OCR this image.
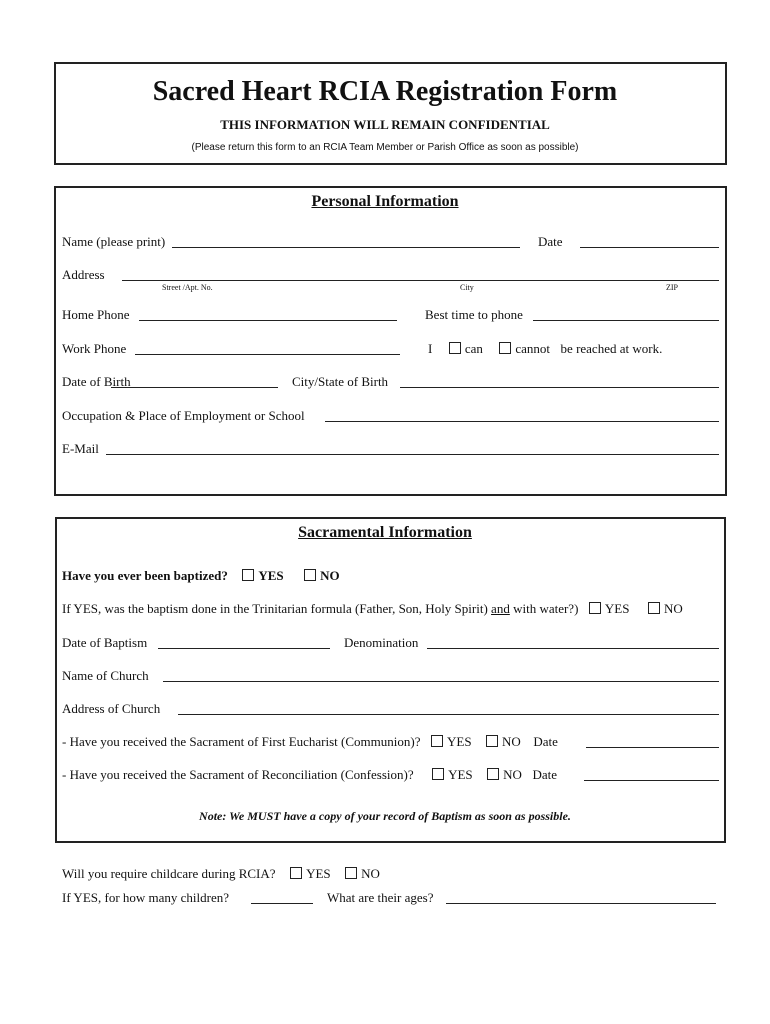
Sacred Heart RCIA Registration Form
THIS INFORMATION WILL REMAIN CONFIDENTIAL
(Please return this form to an RCIA Team Member or Parish Office as soon as possible)
Personal Information
Name (please print)	Date
Address
Street /Apt. No.	City	ZIP
Home Phone	Best time to phone
Work Phone	I	can	cannot be reached at work.
Date of Birth	City/State of Birth
Occupation & Place of Employment or School
E-Mail
Sacramental Information
Have you ever been baptized? YES	NO
If YES, was the baptism done in the Trinitarian formula (Father, Son, Holy Spirit) and with water?) YES	NO
Date of Baptism	Denomination
Name of Church
Address of Church
- Have you received the Sacrament of First Eucharist (Communion)? YES NO Date
- Have you received the Sacrament of Reconciliation (Confession)?	YES NO Date
Note: We MUST have a copy of your record of Baptism as soon as possible.
Will you require childcare during RCIA? YES NO
If YES, for how many children?	What are their ages?
